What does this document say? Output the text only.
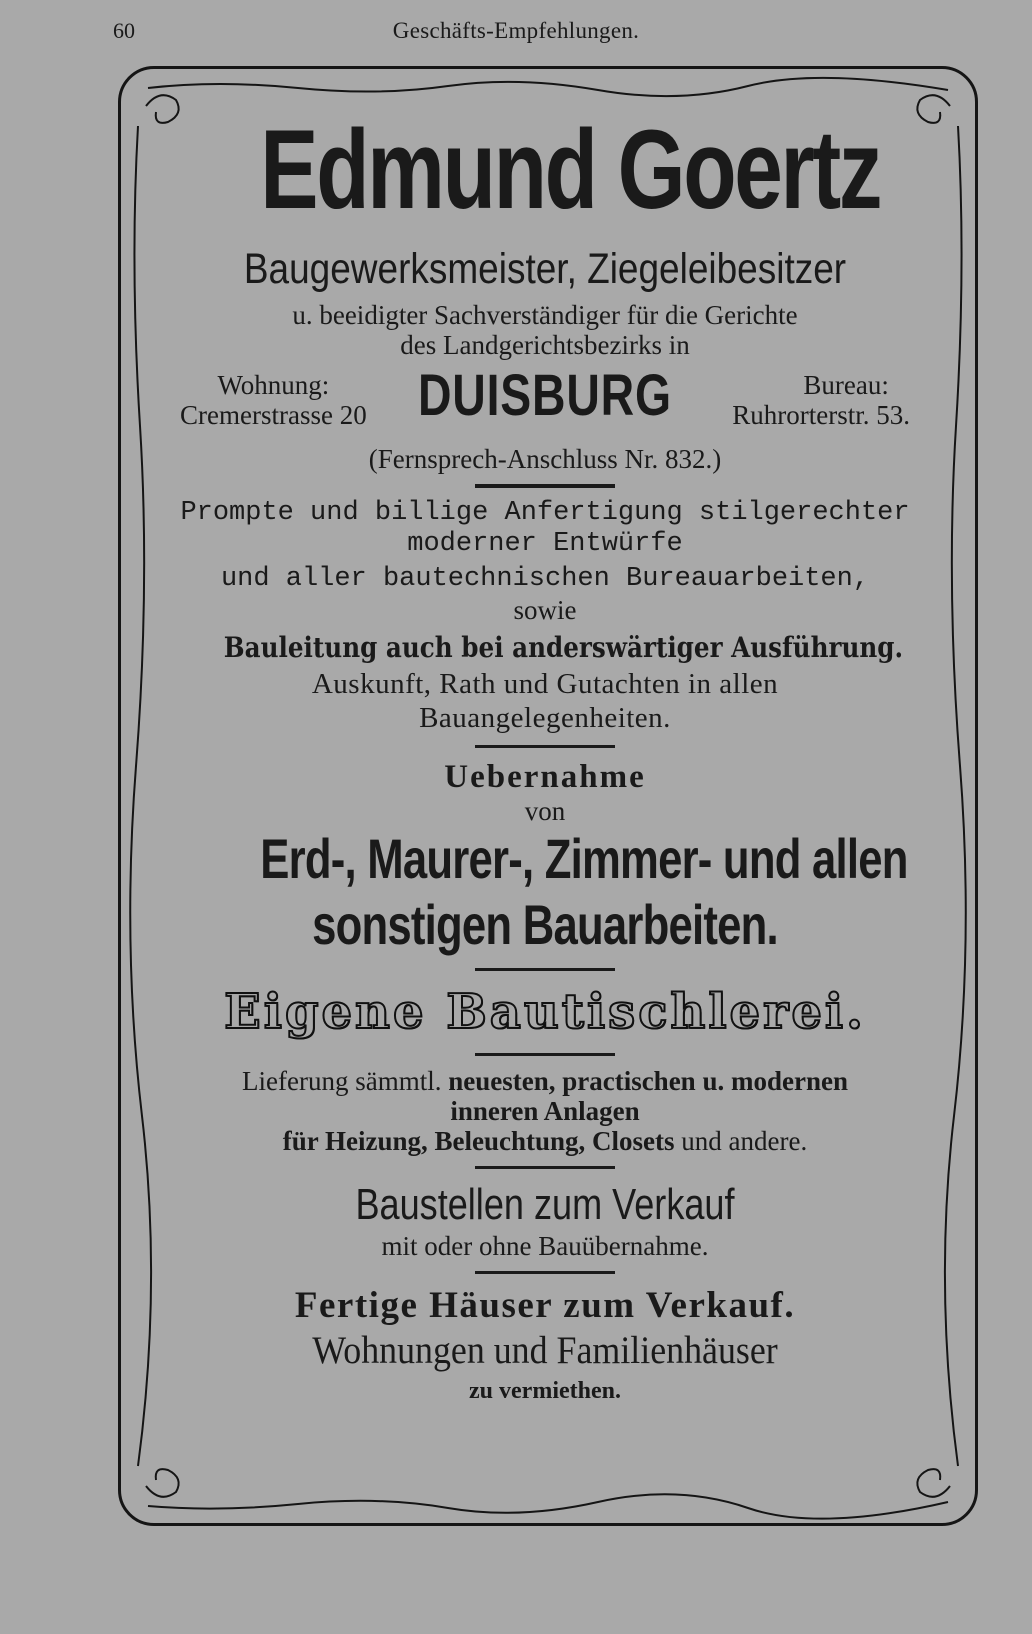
60	Geschäfts-Empfehlungen.
Edmund Goertz
Baugewerksmeister, Ziegeleibesitzer
u. beeidigter Sachverständiger für die Gerichte
des Landgerichtsbezirks in
Wohnung:
Cremerstrasse 20 DUISBURG	Bureau:
Ruhrorterstr. 53.
(Fernsprech-Anschluss Nr. 832.)
Prompte und billige Anfertigung stilgerechter
moderner Entwürfe
und aller bautechnischen Bureauarbeiten,
sowie
Bauleitung auch bei anderswärtiger Ausführung.
Auskunft, Rath und Gutachten in allen
Bauangelegenheiten.
Uebernahme
von
Erd-, Maurer-, Zimmer- und allen
sonstigen Bauarbeiten.
Eigene Bautischlerei.
Lieferung sämmtl. neuesten, practischen u. modernen
inneren Anlagen
für Heizung, Beleuchtung, Closets und andere.
Baustellen zum Verkauf
mit oder ohne Bauübernahme.
Fertige Häuser zum Verkauf.
Wohnungen und Familienhäuser
zu vermiethen.
